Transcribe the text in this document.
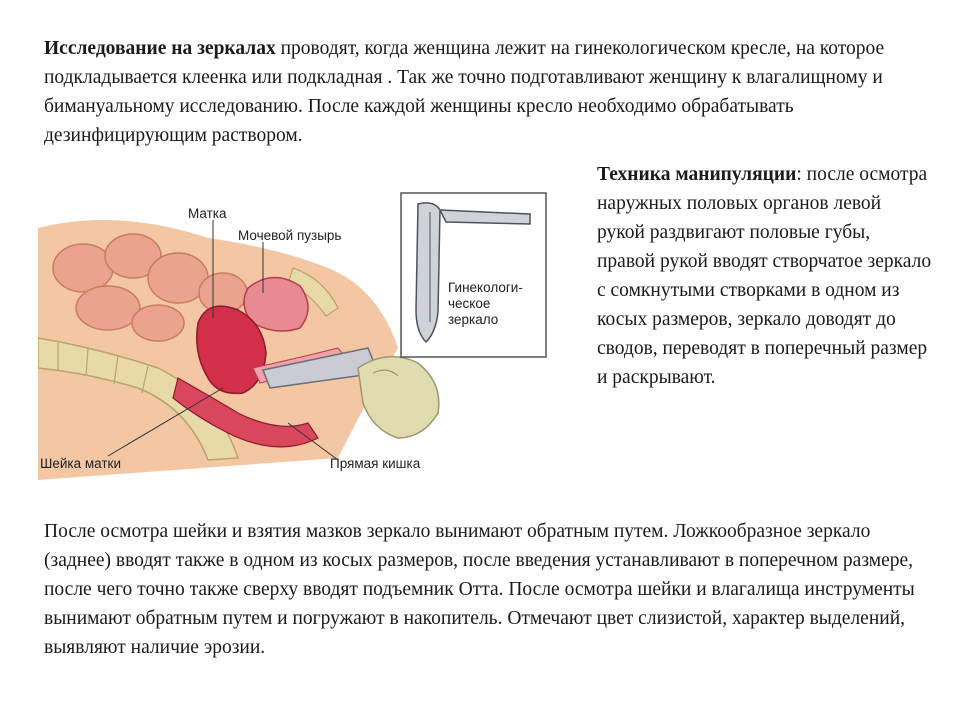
Исследование на зеркалах проводят, когда женщина лежит на гинекологическом кресле, на которое подкладывается клеенка или подкладная . Так же точно подготавливают женщину к влагалищному и бимануальному исследованию. После каждой женщины кресло необходимо обрабатывать дезинфицирующим раствором.

Техника манипуляции: после осмотра наружных половых органов левой рукой раздвигают половые губы, правой рукой вводят створчатое зеркало с сомкнутыми створками в одном из косых размеров, зеркало доводят до сводов, переводят в поперечный размер и раскрывают.

После осмотра шейки и взятия мазков зеркало вынимают обратным путем. Ложкообразное зеркало (заднее) вводят также в одном из косых размеров, после введения устанавливают в поперечном размере, после чего точно также сверху вводят подъемник Отта. После осмотра шейки и влагалища инструменты вынимают обратным путем и погружают в накопитель. Отмечают цвет слизистой, характер выделений, выявляют наличие эрозии.

Матка
Мочевой пузырь
Шейка матки	Прямая кишка
Гинекологи-
ческое
зеркало
